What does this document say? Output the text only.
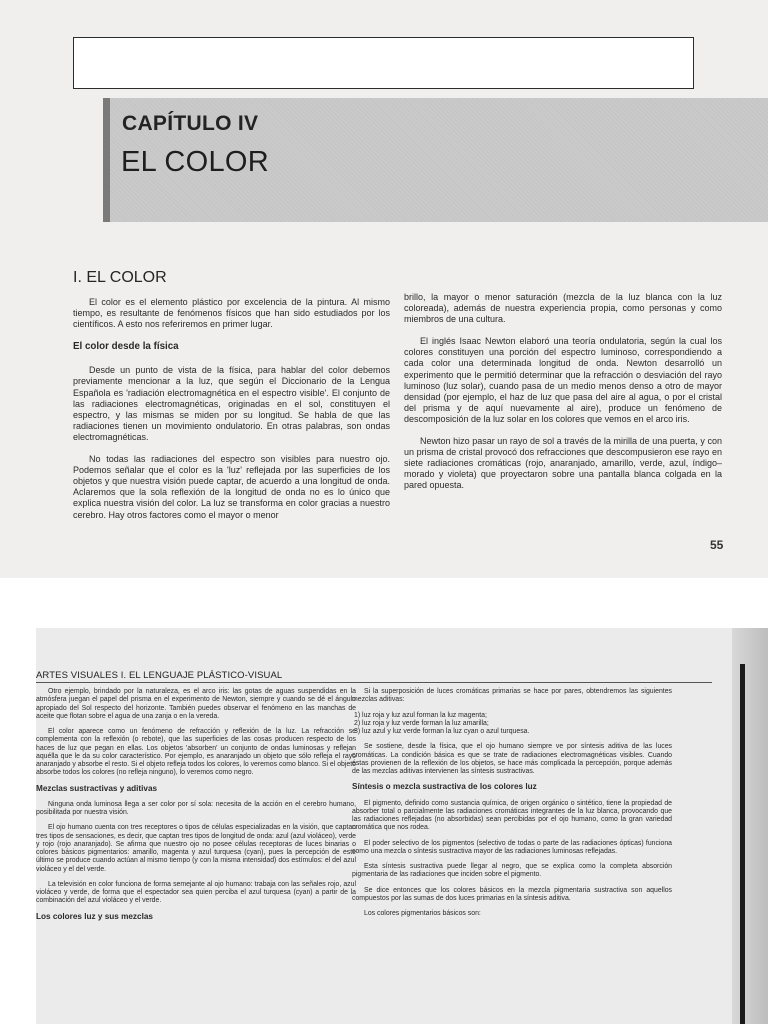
CAPÍTULO IV
EL COLOR
I. EL COLOR

El color es el elemento plástico por excelencia de la pintura. Al mismo tiempo, es resultante de fenómenos físicos que han sido estudiados por los científicos. A esto nos referiremos en primer lugar.

El color desde la física

Desde un punto de vista de la física, para hablar del color debemos previamente mencionar a la luz, que según el Diccionario de la Lengua Española es 'radiación electromagnética en el espectro visible'. El conjunto de las radiaciones electromagnéticas, originadas en el sol, constituyen el espectro, y las mismas se miden por su longitud. Se habla de que las radiaciones tienen un movimiento ondulatorio. En otras palabras, son ondas electromagnéticas.

No todas las radiaciones del espectro son visibles para nuestro ojo. Podemos señalar que el color es la 'luz' reflejada por las superficies de los objetos y que nuestra visión puede captar, de acuerdo a una longitud de onda. Aclaremos que la sola reflexión de la longitud de onda no es lo único que explica nuestra visión del color. La luz se transforma en color gracias a nuestro cerebro. Hay otros factores como el mayor o menor

brillo, la mayor o menor saturación (mezcla de la luz blanca con la luz coloreada), además de nuestra experiencia propia, como personas y como miembros de una cultura.

El inglés Isaac Newton elaboró una teoría ondulatoria, según la cual los colores constituyen una porción del espectro luminoso, correspondiendo a cada color una determinada longitud de onda. Newton desarrolló un experimento que le permitió determinar que la refracción o desviación del rayo luminoso (luz solar), cuando pasa de un medio menos denso a otro de mayor densidad (por ejemplo, el haz de luz que pasa del aire al agua, o por el cristal del prisma y de aquí nuevamente al aire), produce un fenómeno de descomposición de la luz solar en los colores que vemos en el arco iris.

Newton hizo pasar un rayo de sol a través de la mirilla de una puerta, y con un prisma de cristal provocó dos refracciones que descompusieron ese rayo en siete radiaciones cromáticas (rojo, anaranjado, amarillo, verde, azul, índigo–morado y violeta) que proyectaron sobre una pantalla blanca colgada en la pared opuesta.

55
ARTES VISUALES I. EL LENGUAJE PLÁSTICO-VISUAL

Otro ejemplo, brindado por la naturaleza, es el arco iris: las gotas de aguas suspendidas en la atmósfera juegan el papel del prisma en el experimento de Newton, siempre y cuando se dé el ángulo apropiado del Sol respecto del horizonte. También puedes observar el fenómeno en las manchas de aceite que flotan sobre el agua de una zanja o en la vereda.

El color aparece como un fenómeno de refracción y reflexión de la luz. La refracción se complementa con la reflexión (o rebote), que las superficies de las cosas producen respecto de los haces de luz que pegan en ellas. Los objetos 'absorben' un conjunto de ondas luminosas y reflejan aquélla que le da su color característico. Por ejemplo, es anaranjado un objeto que sólo refleja el rayo anaranjado y absorbe el resto. Si el objeto refleja todos los colores, lo veremos como blanco. Si el objeto absorbe todos los colores (no refleja ninguno), lo veremos como negro.

Mezclas sustractivas y aditivas

Ninguna onda luminosa llega a ser color por sí sola: necesita de la acción en el cerebro humano, posibilitada por nuestra visión.

El ojo humano cuenta con tres receptores o tipos de células especializadas en la visión, que captan tres tipos de sensaciones, es decir, que captan tres tipos de longitud de onda: azul (azul violáceo), verde y rojo (rojo anaranjado). Se afirma que nuestro ojo no posee células receptoras de luces binarias o colores básicos pigmentarios: amarillo, magenta y azul turquesa (cyan), pues la percepción de este último se produce cuando actúan al mismo tiempo (y con la misma intensidad) dos estímulos: el del azul violáceo y el del verde.

La televisión en color funciona de forma semejante al ojo humano: trabaja con las señales rojo, azul violáceo y verde, de forma que el espectador sea quien perciba el azul turquesa (cyan) a partir de la combinación del azul violáceo y el verde.

Los colores luz y sus mezclas

Si la superposición de luces cromáticas primarias se hace por pares, obtendremos las siguientes mezclas aditivas:

1) luz roja y luz azul forman la luz magenta;
2) luz roja y luz verde forman la luz amarilla;
3) luz azul y luz verde forman la luz cyan o azul turquesa.

Se sostiene, desde la física, que el ojo humano siempre ve por síntesis aditiva de las luces cromáticas. La condición básica es que se trate de radiaciones electromagnéticas visibles. Cuando éstas provienen de la reflexión de los objetos, se hace más complicada la percepción, porque además de las mezclas aditivas intervienen las síntesis sustractivas.

Síntesis o mezcla sustractiva de los colores luz

El pigmento, definido como sustancia química, de origen orgánico o sintético, tiene la propiedad de absorber total o parcialmente las radiaciones cromáticas integrantes de la luz blanca, provocando que las radiaciones reflejadas (no absorbidas) sean percibidas por el ojo humano, como la gran variedad cromática que nos rodea.

El poder selectivo de los pigmentos (selectivo de todas o parte de las radiaciones ópticas) funciona como una mezcla o síntesis sustractiva mayor de las radiaciones luminosas reflejadas.

Esta síntesis sustractiva puede llegar al negro, que se explica como la completa absorción pigmentaria de las radiaciones que inciden sobre el pigmento.

Se dice entonces que los colores básicos en la mezcla pigmentaria sustractiva son aquellos compuestos por las sumas de dos luces primarias en la síntesis aditiva.

Los colores pigmentarios básicos son:
